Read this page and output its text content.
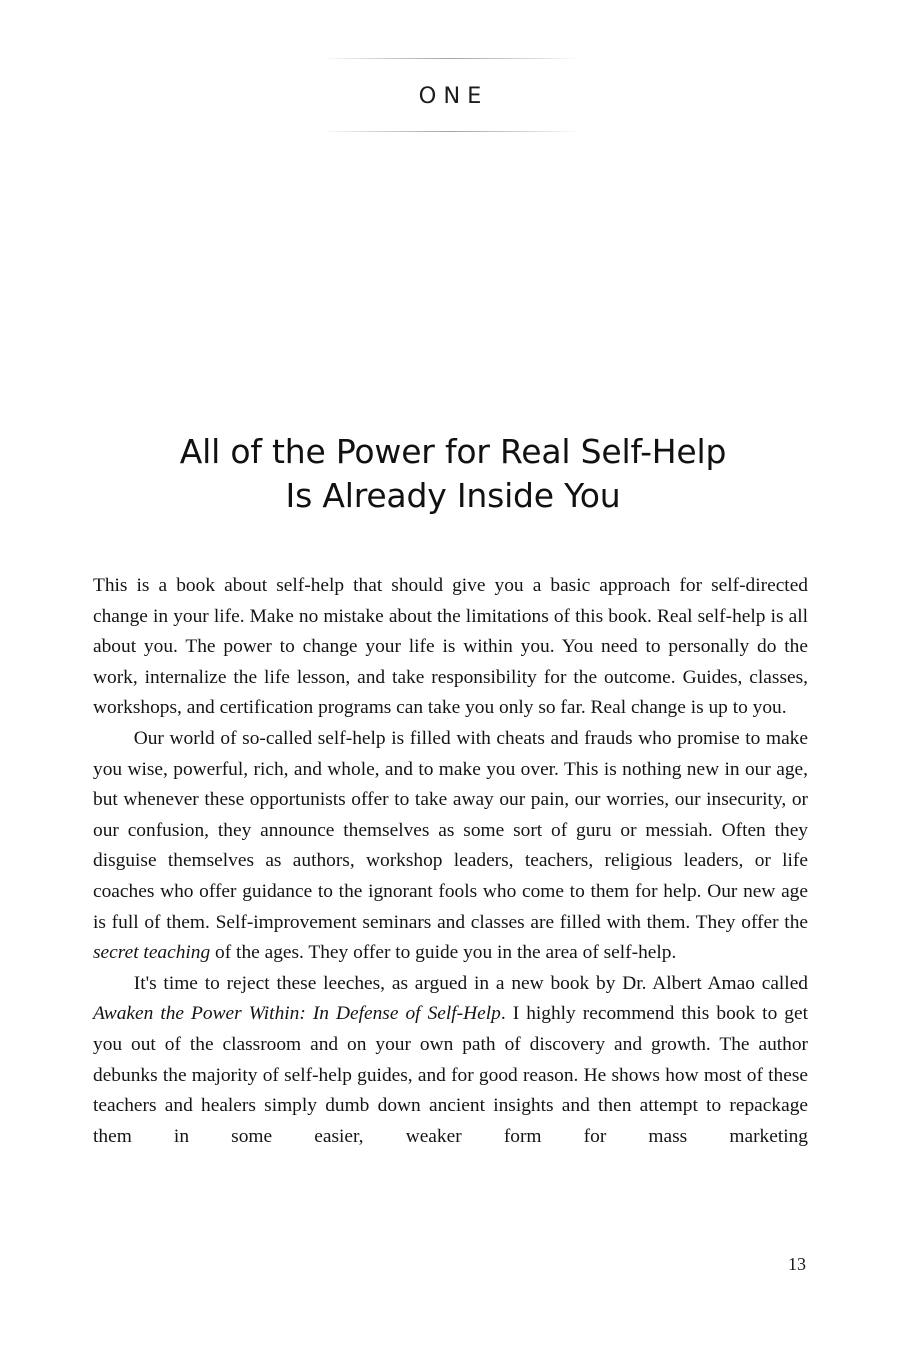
ONE
All of the Power for Real Self-Help
Is Already Inside You

This is a book about self-help that should give you a basic approach for self-directed change in your life. Make no mistake about the limitations of this book. Real self-help is all about you. The power to change your life is within you. You need to personally do the work, internalize the life lesson, and take responsibility for the outcome. Guides, classes, workshops, and certification programs can take you only so far. Real change is up to you.

Our world of so-called self-help is filled with cheats and frauds who promise to make you wise, powerful, rich, and whole, and to make you over. This is nothing new in our age, but whenever these opportunists offer to take away our pain, our worries, our insecurity, or our confusion, they announce themselves as some sort of guru or messiah. Often they disguise themselves as authors, workshop leaders, teachers, religious leaders, or life coaches who offer guidance to the ignorant fools who come to them for help. Our new age is full of them. Self-improvement seminars and classes are filled with them. They offer the secret teaching of the ages. They offer to guide you in the area of self-help.

It's time to reject these leeches, as argued in a new book by Dr. Albert Amao called Awaken the Power Within: In Defense of Self-Help. I highly recommend this book to get you out of the classroom and on your own path of discovery and growth. The author debunks the majority of self-help guides, and for good reason. He shows how most of these teachers and healers simply dumb down ancient insights and then attempt to repackage them in some easier, weaker form for mass marketing

13
